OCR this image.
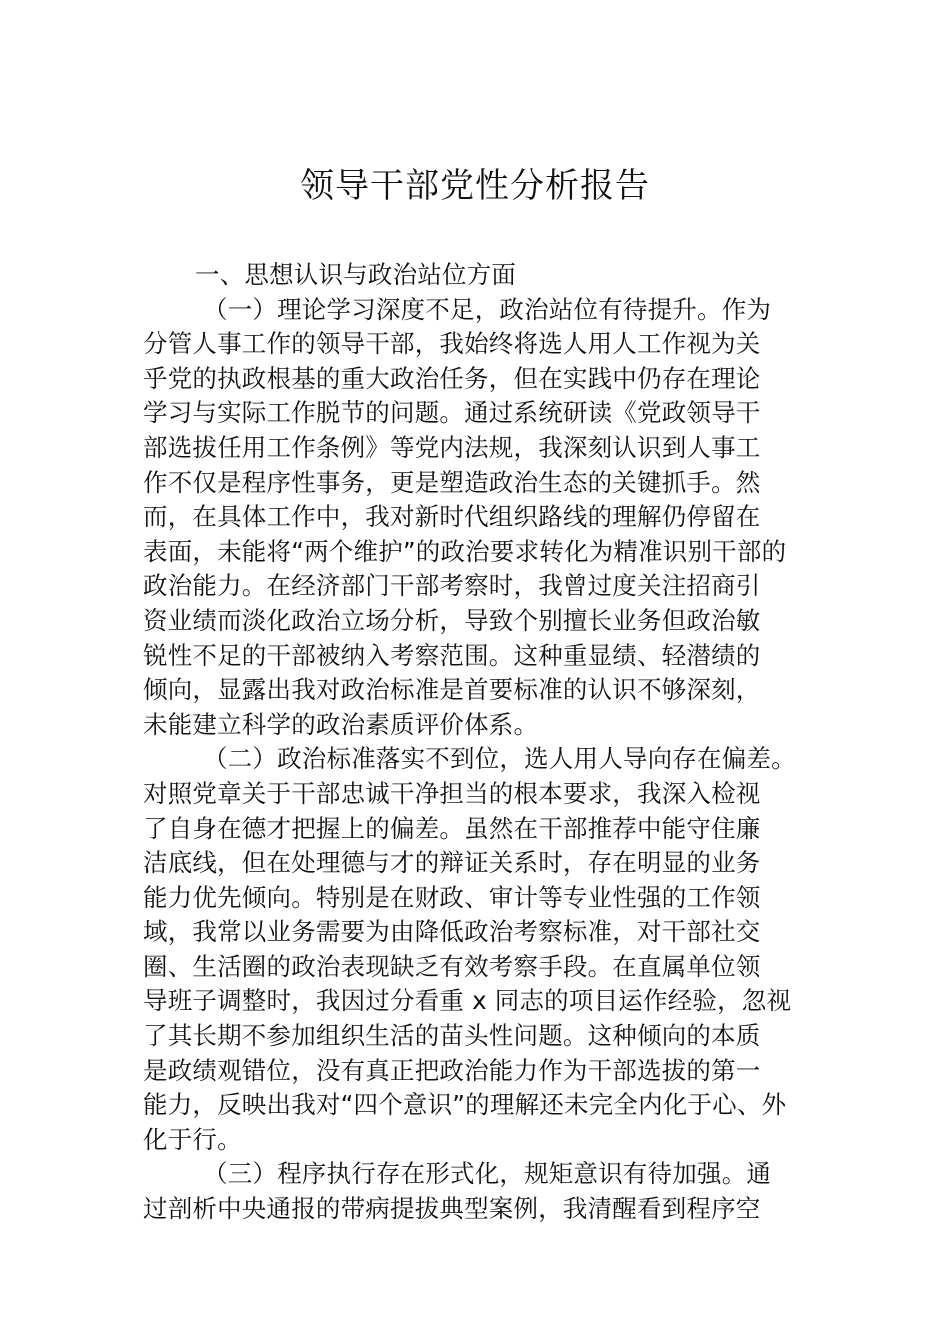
领导干部党性分析报告

一、思想认识与政治站位方面

（一）理论学习深度不足，政治站位有待提升。作为
分管人事工作的领导干部，我始终将选人用人工作视为关
乎党的执政根基的重大政治任务，但在实践中仍存在理论
学习与实际工作脱节的问题。通过系统研读《党政领导干
部选拔任用工作条例》等党内法规，我深刻认识到人事工
作不仅是程序性事务，更是塑造政治生态的关键抓手。然
而，在具体工作中，我对新时代组织路线的理解仍停留在
表面，未能将“两个维护”的政治要求转化为精准识别干部的
政治能力。在经济部门干部考察时，我曾过度关注招商引
资业绩而淡化政治立场分析，导致个别擅长业务但政治敏
锐性不足的干部被纳入考察范围。这种重显绩、轻潜绩的
倾向，显露出我对政治标准是首要标准的认识不够深刻，
未能建立科学的政治素质评价体系。

（二）政治标准落实不到位，选人用人导向存在偏差。
对照党章关于干部忠诚干净担当的根本要求，我深入检视
了自身在德才把握上的偏差。虽然在干部推荐中能守住廉
洁底线，但在处理德与才的辩证关系时，存在明显的业务
能力优先倾向。特别是在财政、审计等专业性强的工作领
域，我常以业务需要为由降低政治考察标准，对干部社交
圈、生活圈的政治表现缺乏有效考察手段。在直属单位领
导班子调整时，我因过分看重 x 同志的项目运作经验，忽视
了其长期不参加组织生活的苗头性问题。这种倾向的本质
是政绩观错位，没有真正把政治能力作为干部选拔的第一
能力，反映出我对“四个意识”的理解还未完全内化于心、外
化于行。

（三）程序执行存在形式化，规矩意识有待加强。通
过剖析中央通报的带病提拔典型案例，我清醒看到程序空
